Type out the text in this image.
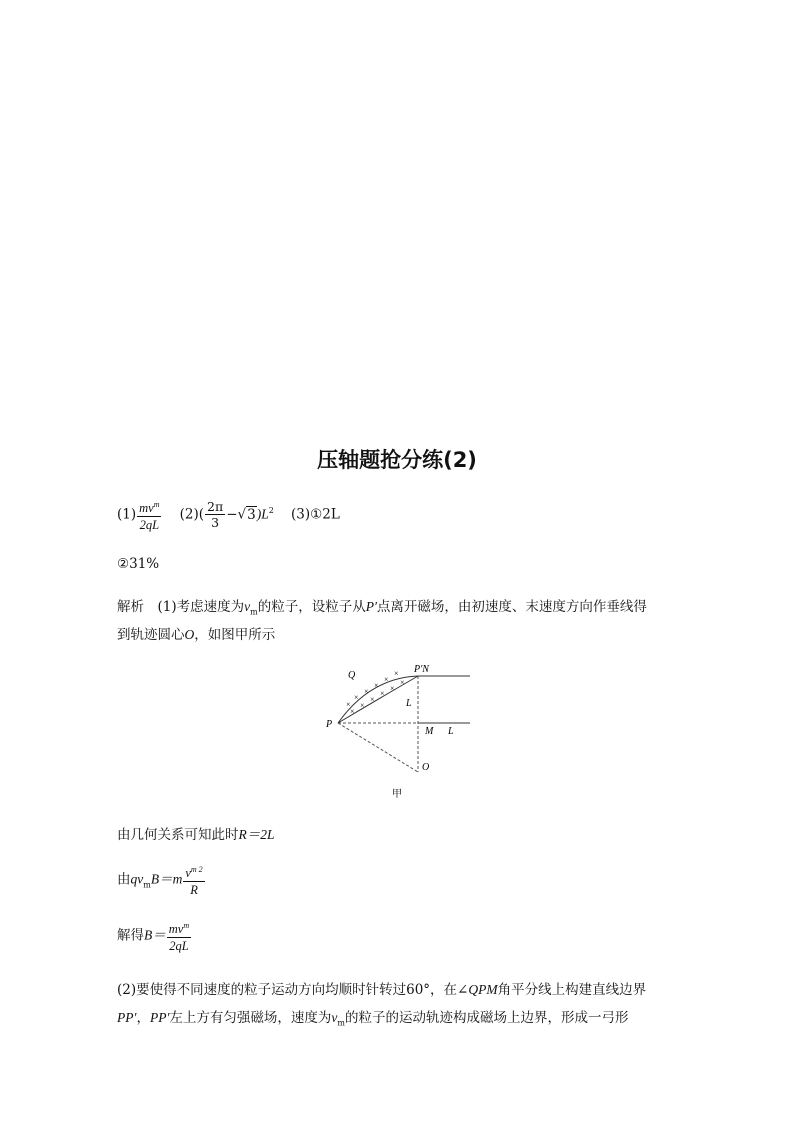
压轴题抢分练(2)
$(1) \frac{mv^m}{2qL} (2)( \frac{2\pi}{3} -√3)L^2$ (3)①2L
②31%
解析　(1)考虑速度为$v_m$的粒子，设粒子从P′点离开磁场，由初速度、末速度方向作垂线得
到轨迹圆心O，如图甲所示
×
×
×
×
×
×
×
×
×
×
×
×
Q
P′N
L
P
M L
O
甲
由几何关系可知此时R＝2L
由$qv_mB=m \frac{v^{m 2}}{R}$
解得$B= \frac{mv^m}{2qL}$
(2)要使得不同速度的粒子运动方向均顺时针转过60°，在∠QPM角平分线上构建直线边界
PP′，PP′左上方有匀强磁场，速度为$v_m$的粒子的运动轨迹构成磁场上边界，形成一弓形
